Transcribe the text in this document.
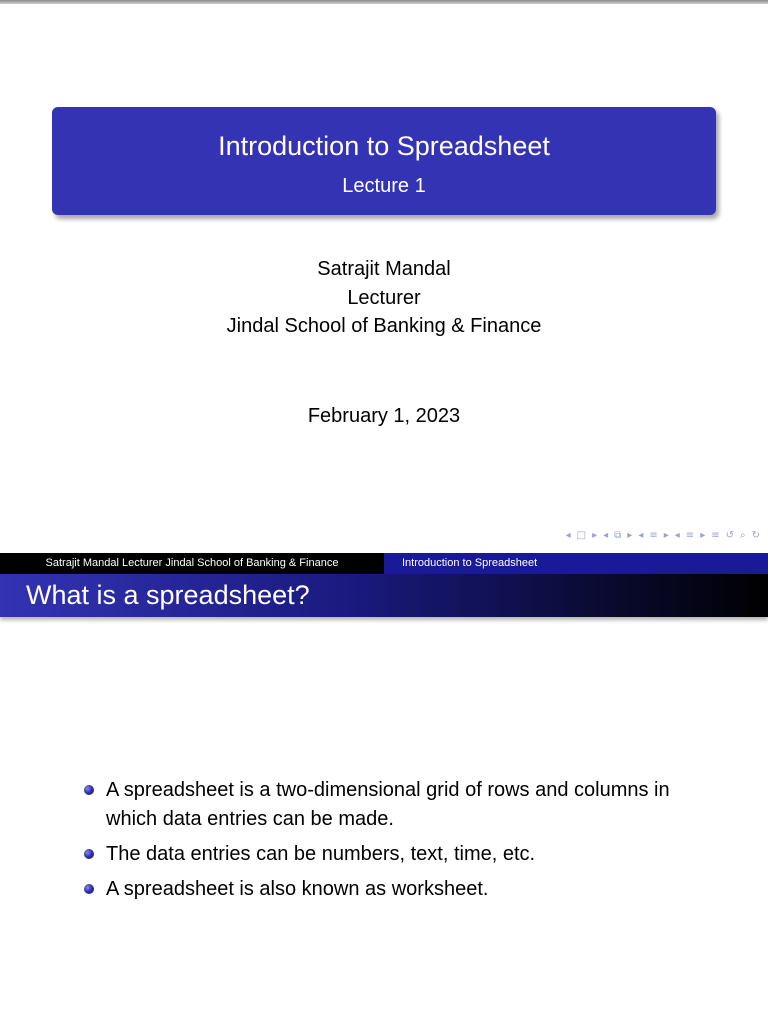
Introduction to Spreadsheet
Lecture 1
Satrajit Mandal
Lecturer
Jindal School of Banking & Finance
February 1, 2023
◂ □ ▸ ◂ ⧉ ▸ ◂ ≡ ▸ ◂ ≡ ▸ ≡ ↺ ⌕ ↻
Satrajit Mandal Lecturer Jindal School of Banking & Finance	Introduction to Spreadsheet
What is a spreadsheet?
A spreadsheet is a two-dimensional grid of rows and columns in which data entries can be made.
The data entries can be numbers, text, time, etc.
A spreadsheet is also known as worksheet.
